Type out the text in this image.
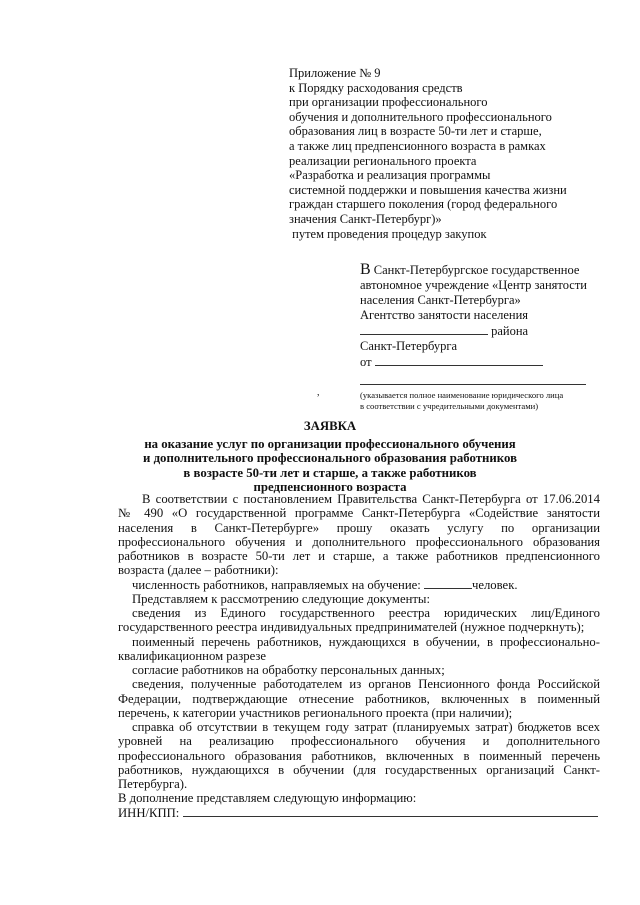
Приложение № 9
к Порядку расходования средств
при организации профессионального
обучения и дополнительного профессионального
образования лиц в возрасте 50-ти лет и старше,
а также лиц предпенсионного возраста в рамках
реализации регионального проекта
«Разработка и реализация программы
системной поддержки и повышения качества жизни
граждан старшего поколения (город федерального
значения Санкт-Петербург)»
путем проведения процедур закупок
В Санкт-Петербургское государственное
автономное учреждение «Центр занятости
населения Санкт-Петербурга»
Агентство занятости населения
района
Санкт-Петербурга
от
(указывается полное наименование юридического лица
в соответствии с учредительными документами)
,
ЗАЯВКА
на оказание услуг по организации профессионального обучения
и дополнительного профессионального образования работников
в возрасте 50-ти лет и старше, а также работников
предпенсионного возраста

В соответствии с постановлением Правительства Санкт-Петербурга от 17.06.2014 № 490 «О государственной программе Санкт-Петербурга «Содействие занятости населения в Санкт-Петербурге» прошу оказать услугу по организации профессионального обучения и дополнительного профессионального образования работников в возрасте 50-ти лет и старше, а также работников предпенсионного возраста (далее – работники):

численность работников, направляемых на обучение:	человек.

Представляем к рассмотрению следующие документы:

сведения из Единого государственного реестра юридических лиц/Единого государственного реестра индивидуальных предпринимателей (нужное подчеркнуть);

поименный перечень работников, нуждающихся в обучении, в профессионально-квалификационном разрезе

согласие работников на обработку персональных данных;

сведения, полученные работодателем из органов Пенсионного фонда Российской Федерации, подтверждающие отнесение работников, включенных в поименный перечень, к категории участников регионального проекта (при наличии);

справка об отсутствии в текущем году затрат (планируемых затрат) бюджетов всех уровней на реализацию профессионального обучения и дополнительного профессионального образования работников, включенных в поименный перечень работников, нуждающихся в обучении (для государственных организаций Санкт-Петербурга).

В дополнение представляем следующую информацию:

ИНН/КПП:
